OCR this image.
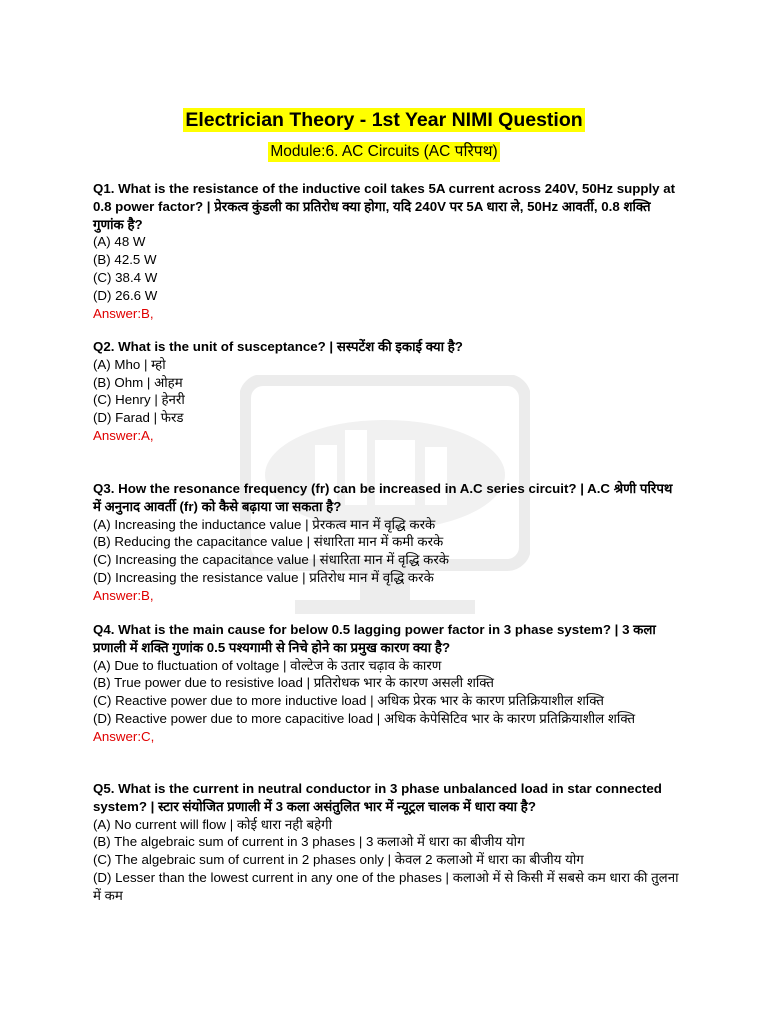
Electrician Theory - 1st Year NIMI Question
Module:6. AC Circuits (AC परिपथ)
Q1. What is the resistance of the inductive coil takes 5A current across 240V, 50Hz supply at 0.8 power factor? | प्रेरकत्व कुंडली का प्रतिरोध क्या होगा, यदि 240V पर 5A धारा ले, 50Hz आवर्ती, 0.8 शक्ति गुणांक है?
(A) 48 W
(B) 42.5 W
(C) 38.4 W
(D) 26.6 W
Answer:B,
Q2. What is the unit of susceptance? | सस्पटेंश की इकाई क्या है?
(A) Mho | म्हो
(B) Ohm | ओहम
(C) Henry | हेनरी
(D) Farad | फेरड
Answer:A,
Q3. How the resonance frequency (fr) can be increased in A.C series circuit? | A.C श्रेणी परिपथ में अनुनाद आवर्ती (fr) को कैसे बढ़ाया जा सकता है?
(A) Increasing the inductance value | प्रेरकत्व मान में वृद्धि करके
(B) Reducing the capacitance value | संधारिता मान में कमी करके
(C) Increasing the capacitance value | संधारिता मान में वृद्धि करके
(D) Increasing the resistance value | प्रतिरोध मान में वृद्धि करके
Answer:B,
Q4. What is the main cause for below 0.5 lagging power factor in 3 phase system? | 3 कला प्रणाली में शक्ति गुणांक 0.5 पश्यगामी से निचे होने का प्रमुख कारण क्या है?
(A) Due to fluctuation of voltage | वोल्टेज के उतार चढ़ाव के कारण
(B) True power due to resistive load | प्रतिरोधक भार के कारण असली शक्ति
(C) Reactive power due to more inductive load | अधिक प्रेरक भार के कारण प्रतिक्रियाशील शक्ति
(D) Reactive power due to more capacitive load | अधिक केपेसिटिव भार के कारण प्रतिक्रियाशील शक्ति
Answer:C,
Q5. What is the current in neutral conductor in 3 phase unbalanced load in star connected system? | स्टार संयोजित प्रणाली में 3 कला असंतुलित भार में न्यूट्रल चालक में धारा क्या है?
(A) No current will flow | कोई धारा नही बहेगी
(B) The algebraic sum of current in 3 phases | 3 कलाओ में धारा का बीजीय योग
(C) The algebraic sum of current in 2 phases only | केवल 2 कलाओ में धारा का बीजीय योग
(D) Lesser than the lowest current in any one of the phases | कलाओ में से किसी में सबसे कम धारा की तुलना में कम
